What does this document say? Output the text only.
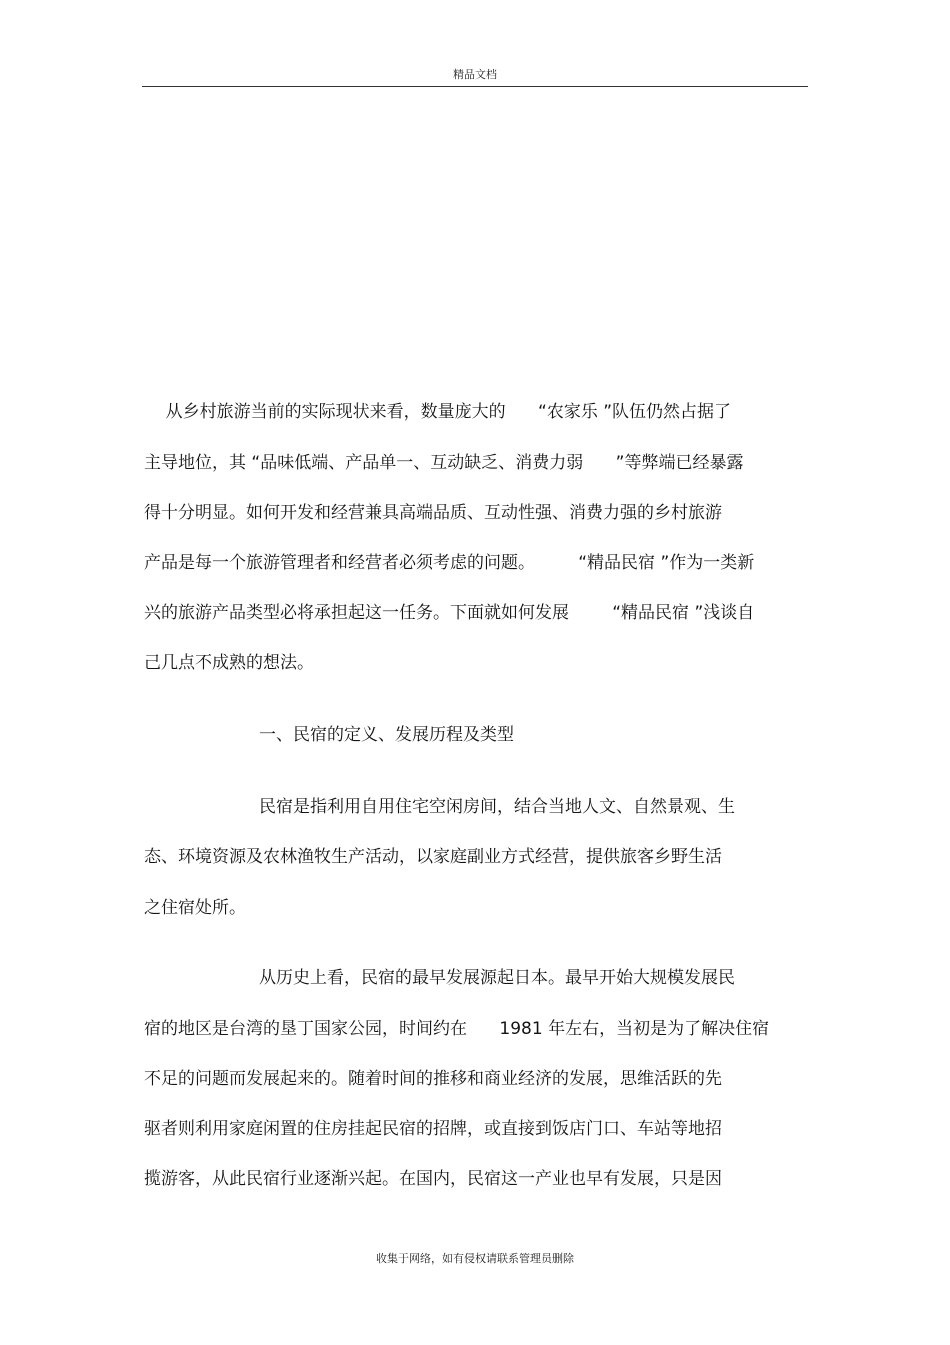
精品文档
从乡村旅游当前的实际现状来看，数量庞大的      “农家乐 ”队伍仍然占据了
主导地位，其 “品味低端、产品单一、互动缺乏、消费力弱      ”等弊端已经暴露
得十分明显。如何开发和经营兼具高端品质、互动性强、消费力强的乡村旅游
产品是每一个旅游管理者和经营者必须考虑的问题。        “精品民宿 ”作为一类新
兴的旅游产品类型必将承担起这一任务。下面就如何发展        “精品民宿 ”浅谈自
己几点不成熟的想法。
一、民宿的定义、发展历程及类型
民宿是指利用自用住宅空闲房间，结合当地人文、自然景观、生
态、环境资源及农林渔牧生产活动，以家庭副业方式经营，提供旅客乡野生活
之住宿处所。
从历史上看，民宿的最早发展源起日本。最早开始大规模发展民
宿的地区是台湾的垦丁国家公园，时间约在      1981 年左右，当初是为了解决住宿
不足的问题而发展起来的。随着时间的推移和商业经济的发展，思维活跃的先
驱者则利用家庭闲置的住房挂起民宿的招牌，或直接到饭店门口、车站等地招
揽游客，从此民宿行业逐渐兴起。在国内，民宿这一产业也早有发展，只是因
收集于网络，如有侵权请联系管理员删除
